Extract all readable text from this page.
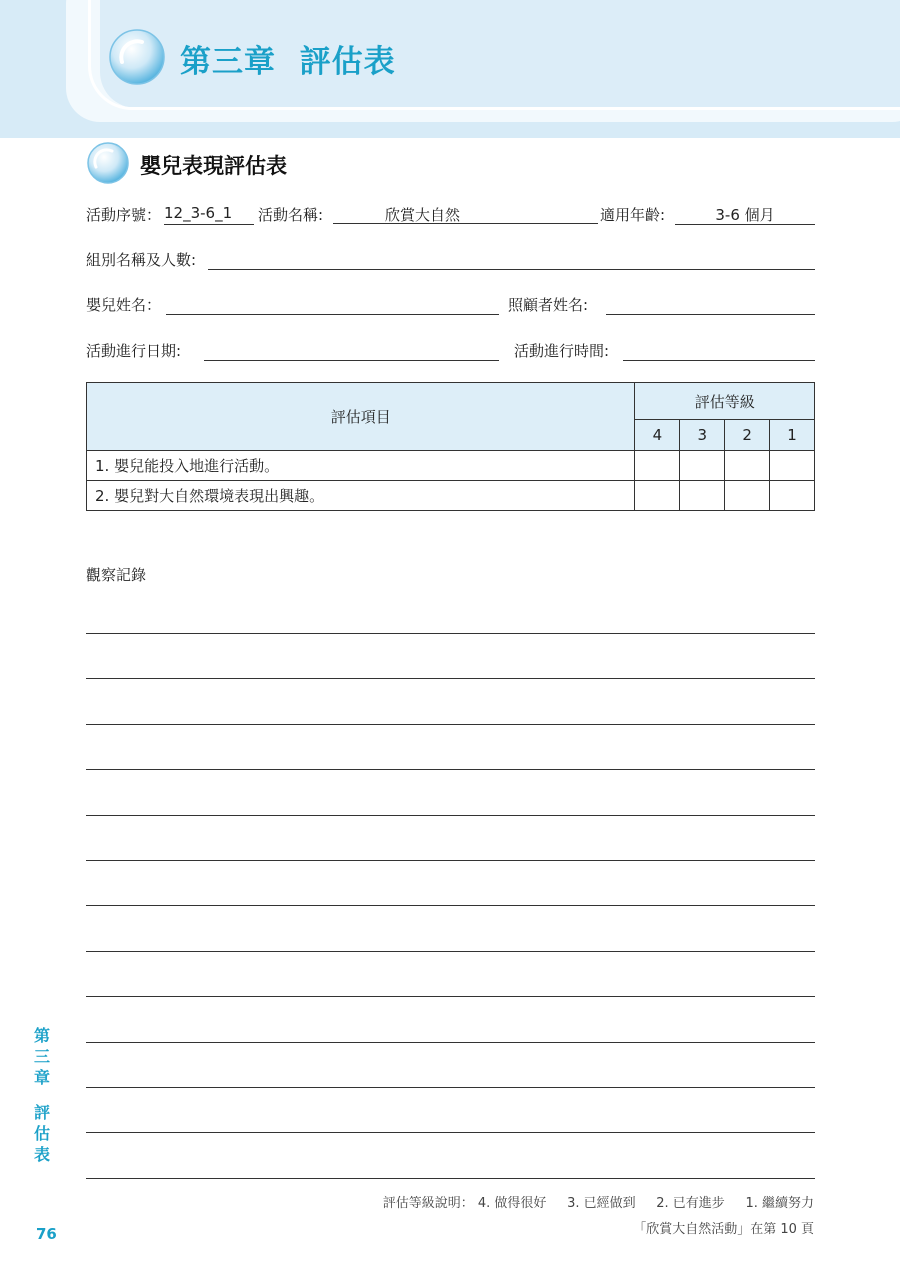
第三章  評估表
嬰兒表現評估表
活動序號： 12_3-6_1	活動名稱:	欣賞大自然	適用年齡:	3-6 個月
組別名稱及人數:
嬰兒姓名：	照顧者姓名:
活動進行日期:	活動進行時間:
評估項目	評估等級			
	4	3	2	1
1. 嬰兒能投入地進行活動。				
2. 嬰兒對大自然環境表現出興趣。				
觀察記錄
評估等級說明： 4. 做得很好     3. 已經做到     2. 已有進步     1. 繼續努力
「欣賞大自然活動」在第 10 頁
第
三
章
評
估
表
76
